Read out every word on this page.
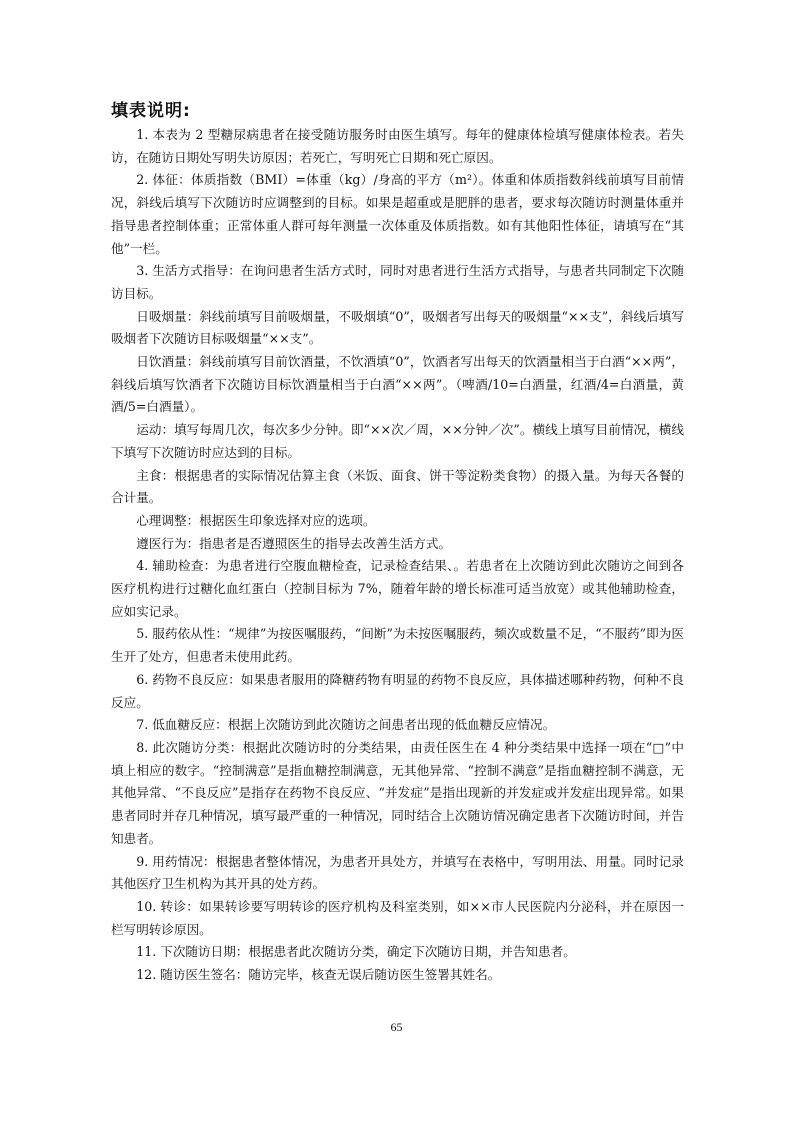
填表说明:

1. 本表为 2 型糖尿病患者在接受随访服务时由医生填写。每年的健康体检填写健康体检表。若失访，在随访日期处写明失访原因；若死亡，写明死亡日期和死亡原因。

2. 体征：体质指数（BMI）=体重（kg）/身高的平方（m²）。体重和体质指数斜线前填写目前情况，斜线后填写下次随访时应调整到的目标。如果是超重或是肥胖的患者，要求每次随访时测量体重并指导患者控制体重；正常体重人群可每年测量一次体重及体质指数。如有其他阳性体征，请填写在“其他”一栏。

3. 生活方式指导：在询问患者生活方式时，同时对患者进行生活方式指导，与患者共同制定下次随访目标。

日吸烟量：斜线前填写目前吸烟量，不吸烟填“0”，吸烟者写出每天的吸烟量“××支”，斜线后填写吸烟者下次随访目标吸烟量“××支”。

日饮酒量：斜线前填写目前饮酒量，不饮酒填“0”，饮酒者写出每天的饮酒量相当于白酒“××两”，斜线后填写饮酒者下次随访目标饮酒量相当于白酒“××两”。（啤酒/10=白酒量，红酒/4=白酒量，黄酒/5=白酒量）。

运动：填写每周几次，每次多少分钟。即“××次／周，××分钟／次”。横线上填写目前情况，横线下填写下次随访时应达到的目标。

主食：根据患者的实际情况估算主食（米饭、面食、饼干等淀粉类食物）的摄入量。为每天各餐的合计量。

心理调整：根据医生印象选择对应的选项。

遵医行为：指患者是否遵照医生的指导去改善生活方式。

4. 辅助检查：为患者进行空腹血糖检查，记录检查结果、。若患者在上次随访到此次随访之间到各医疗机构进行过糖化血红蛋白（控制目标为 7%，随着年龄的增长标准可适当放宽）或其他辅助检查，应如实记录。

5. 服药依从性：“规律”为按医嘱服药，“间断”为未按医嘱服药，频次或数量不足，“不服药”即为医生开了处方，但患者未使用此药。

6. 药物不良反应：如果患者服用的降糖药物有明显的药物不良反应，具体描述哪种药物，何种不良反应。

7. 低血糖反应：根据上次随访到此次随访之间患者出现的低血糖反应情况。

8. 此次随访分类：根据此次随访时的分类结果，由责任医生在 4 种分类结果中选择一项在“□”中填上相应的数字。“控制满意”是指血糖控制满意，无其他异常、“控制不满意”是指血糖控制不满意，无其他异常、“不良反应”是指存在药物不良反应、“并发症”是指出现新的并发症或并发症出现异常。如果患者同时并存几种情况，填写最严重的一种情况，同时结合上次随访情况确定患者下次随访时间，并告知患者。

9. 用药情况：根据患者整体情况，为患者开具处方，并填写在表格中，写明用法、用量。同时记录其他医疗卫生机构为其开具的处方药。

10. 转诊：如果转诊要写明转诊的医疗机构及科室类别，如××市人民医院内分泌科，并在原因一栏写明转诊原因。

11. 下次随访日期：根据患者此次随访分类，确定下次随访日期，并告知患者。

12. 随访医生签名：随访完毕，核查无误后随访医生签署其姓名。

65
